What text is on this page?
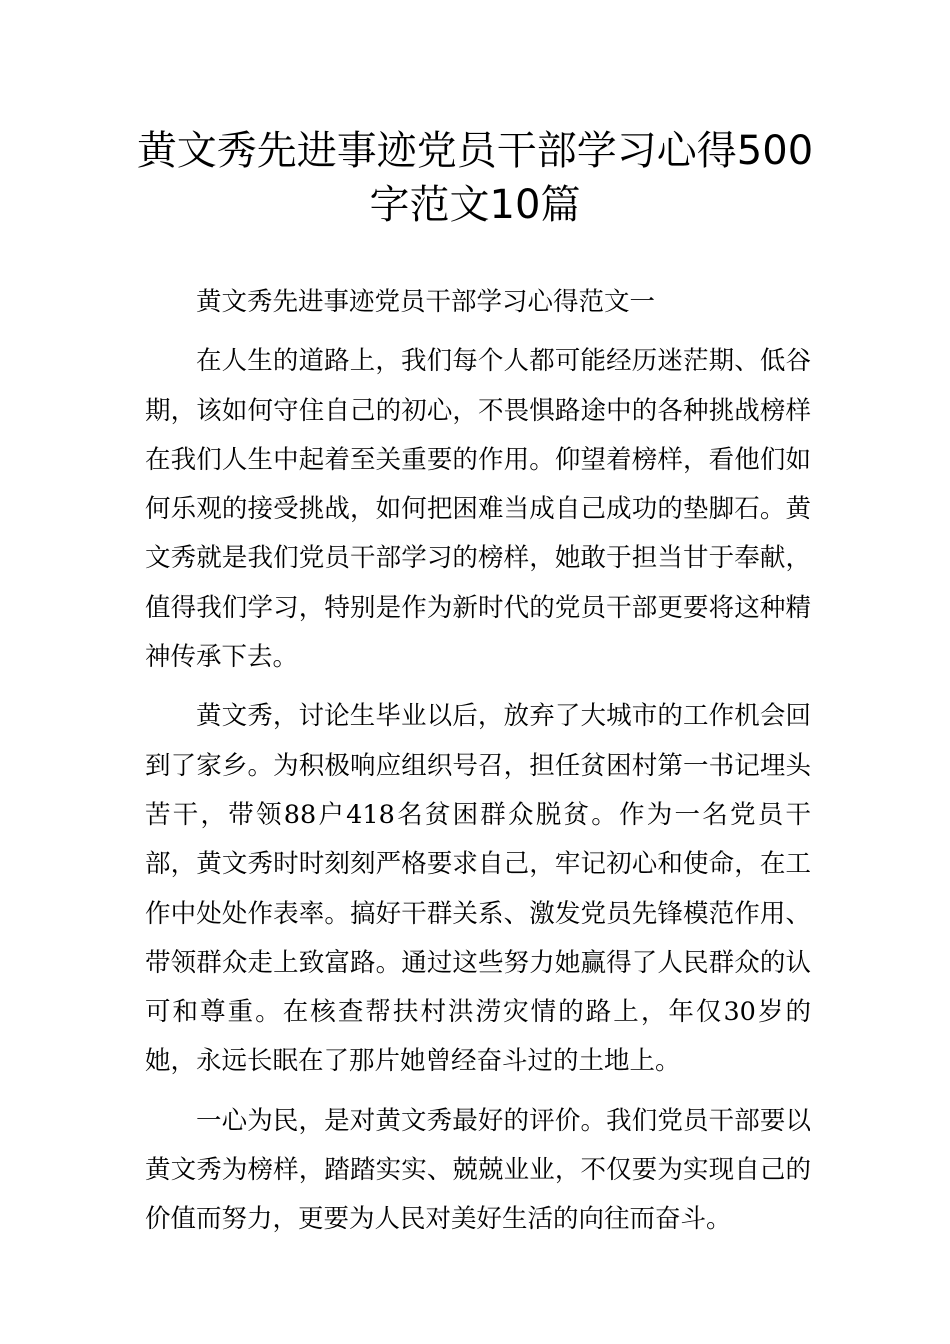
黄文秀先进事迹党员干部学习心得500
字范文10篇

黄文秀先进事迹党员干部学习心得范文一

在人生的道路上，我们每个人都可能经历迷茫期、低谷期，该如何守住自己的初心，不畏惧路途中的各种挑战榜样在我们人生中起着至关重要的作用。仰望着榜样，看他们如何乐观的接受挑战，如何把困难当成自己成功的垫脚石。黄文秀就是我们党员干部学习的榜样，她敢于担当甘于奉献，值得我们学习，特别是作为新时代的党员干部更要将这种精神传承下去。

黄文秀，讨论生毕业以后，放弃了大城市的工作机会回到了家乡。为积极响应组织号召，担任贫困村第一书记埋头苦干，带领88户418名贫困群众脱贫。作为一名党员干部，黄文秀时时刻刻严格要求自己，牢记初心和使命，在工作中处处作表率。搞好干群关系、激发党员先锋模范作用、带领群众走上致富路。通过这些努力她赢得了人民群众的认可和尊重。在核查帮扶村洪涝灾情的路上，年仅30岁的她，永远长眠在了那片她曾经奋斗过的土地上。

一心为民，是对黄文秀最好的评价。我们党员干部要以黄文秀为榜样，踏踏实实、兢兢业业，不仅要为实现自己的价值而努力，更要为人民对美好生活的向往而奋斗。
